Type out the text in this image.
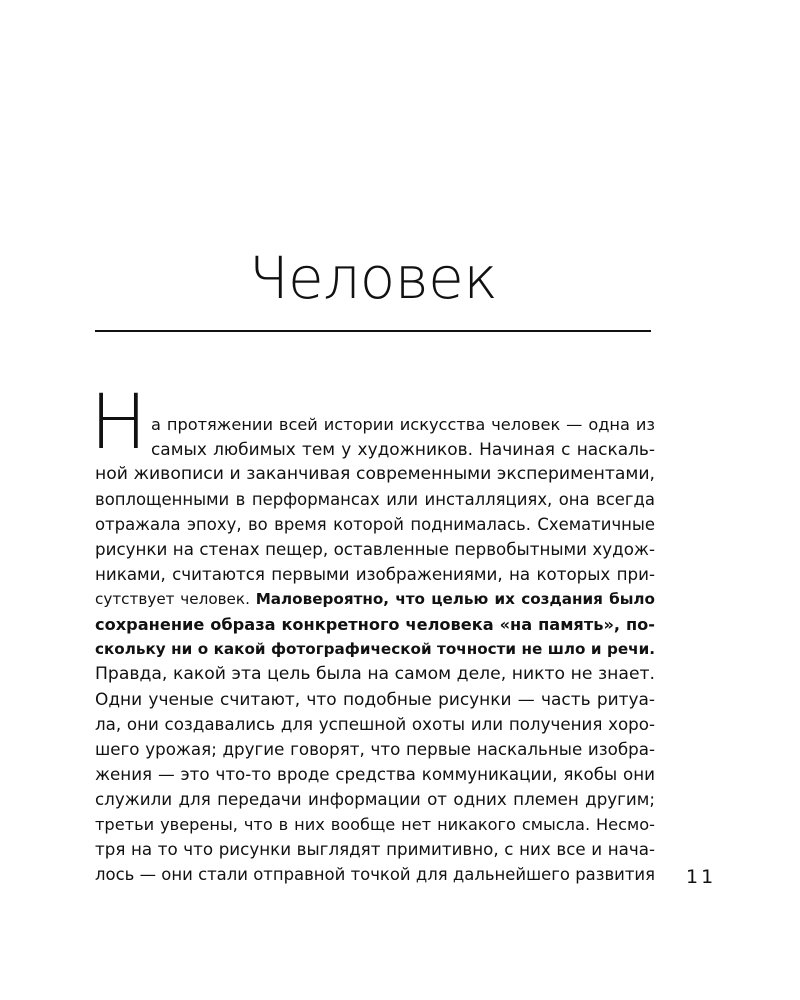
Человек
Н а протяжении всей истории искусства человек — одна из
самых любимых тем у художников. Начиная с наскаль-
ной живописи и заканчивая современными экспериментами,
воплощенными в перформансах или инсталляциях, она всегда
отражала эпоху, во время которой поднималась. Схематичные
рисунки на стенах пещер, оставленные первобытными худож-
никами, считаются первыми изображениями, на которых при-
сутствует человек. Маловероятно, что целью их создания было
сохранение образа конкретного человека «на память», по-
скольку ни о какой фотографической точности не шло и речи.
Правда, какой эта цель была на самом деле, никто не знает.
Одни ученые считают, что подобные рисунки — часть ритуа-
ла, они создавались для успешной охоты или получения хоро-
шего урожая; другие говорят, что первые наскальные изобра-
жения — это что-то вроде средства коммуникации, якобы они
служили для передачи информации от одних племен другим;
третьи уверены, что в них вообще нет никакого смысла. Несмо-
тря на то что рисунки выглядят примитивно, с них все и нача-
лось — они стали отправной точкой для дальнейшего развития 11
